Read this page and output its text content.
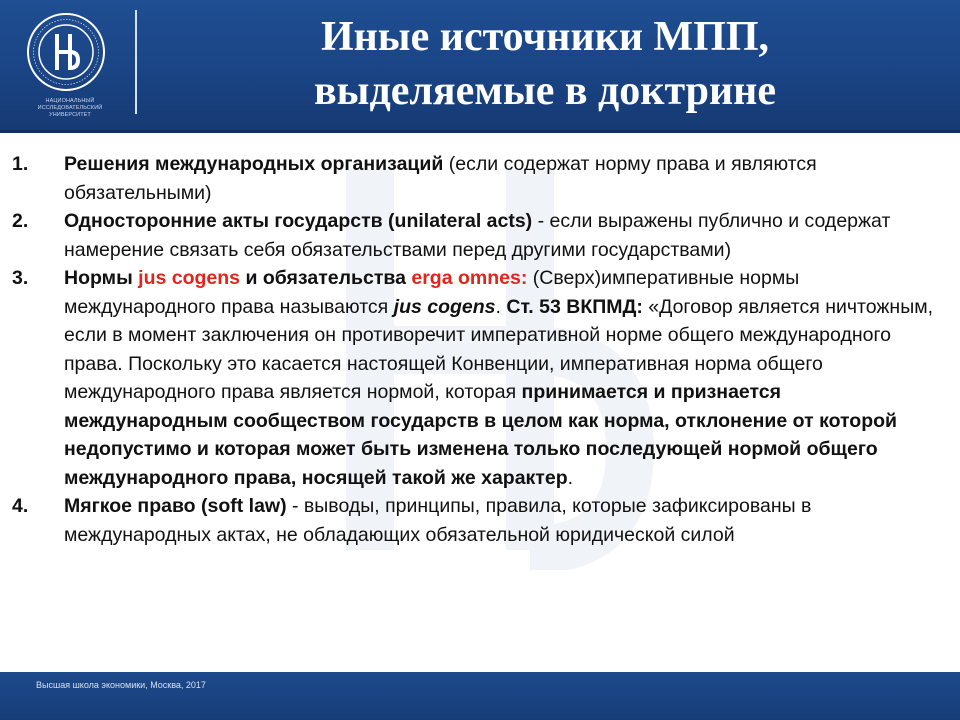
НАЦИОНАЛЬНЫЙ ИССЛЕДОВАТЕЛЬСКИЙ УНИВЕРСИТЕТ
Иные источники МПП,
выделяемые в доктрине
1.	Решения международных организаций (если содержат норму права и являются обязательными)
2.	Односторонние акты государств (unilateral acts) - если выражены публично и содержат намерение связать себя обязательствами перед другими государствами)
3.	Нормы jus cogens и обязательства erga omnes: (Сверх)императивные нормы международного права называются jus cogens. Ст. 53 ВКПМД: «Договор является ничтожным, если в момент заключения он противоречит императивной норме общего международного права. Поскольку это касается настоящей Конвенции, императивная норма общего международного права является нормой, которая принимается и признается международным сообществом государств в целом как норма, отклонение от которой недопустимо и которая может быть изменена только последующей нормой общего международного права, носящей такой же характер.
4.	Мягкое право (soft law) - выводы, принципы, правила, которые зафиксированы в международных актах, не обладающих обязательной юридической силой
Высшая школа экономики, Москва, 2017
